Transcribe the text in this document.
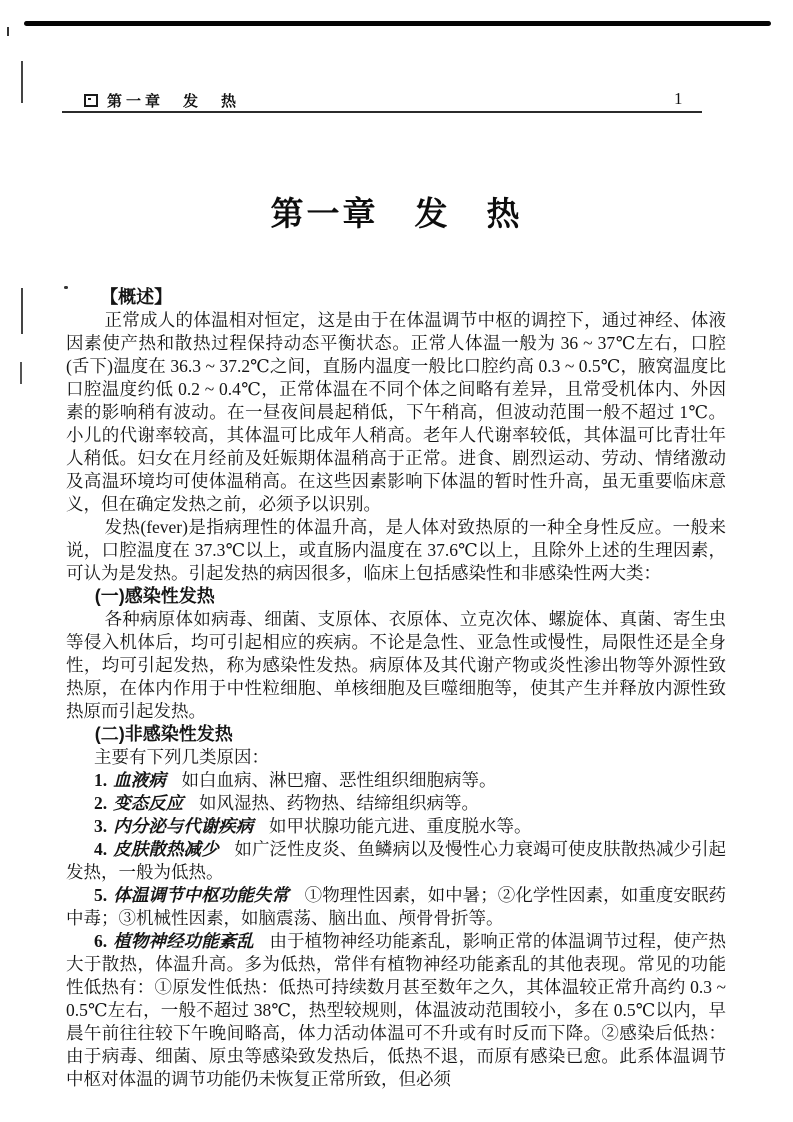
第一章　发　热	1
第一章　发　热

【概述】

正常成人的体温相对恒定，这是由于在体温调节中枢的调控下，通过神经、体液因素使产热和散热过程保持动态平衡状态。正常人体温一般为 36 ~ 37℃左右，口腔(舌下)温度在 36.3 ~ 37.2℃之间，直肠内温度一般比口腔约高 0.3 ~ 0.5℃，腋窝温度比口腔温度约低 0.2 ~ 0.4℃，正常体温在不同个体之间略有差异，且常受机体内、外因素的影响稍有波动。在一昼夜间晨起稍低，下午稍高，但波动范围一般不超过 1℃。小儿的代谢率较高，其体温可比成年人稍高。老年人代谢率较低，其体温可比青壮年人稍低。妇女在月经前及妊娠期体温稍高于正常。进食、剧烈运动、劳动、情绪激动及高温环境均可使体温稍高。在这些因素影响下体温的暂时性升高，虽无重要临床意义，但在确定发热之前，必须予以识别。

发热(fever)是指病理性的体温升高，是人体对致热原的一种全身性反应。一般来说，口腔温度在 37.3℃以上，或直肠内温度在 37.6℃以上，且除外上述的生理因素，可认为是发热。引起发热的病因很多，临床上包括感染性和非感染性两大类：

(一)感染性发热

各种病原体如病毒、细菌、支原体、衣原体、立克次体、螺旋体、真菌、寄生虫等侵入机体后，均可引起相应的疾病。不论是急性、亚急性或慢性，局限性还是全身性，均可引起发热，称为感染性发热。病原体及其代谢产物或炎性渗出物等外源性致热原，在体内作用于中性粒细胞、单核细胞及巨噬细胞等，使其产生并释放内源性致热原而引起发热。

(二)非感染性发热

主要有下列几类原因：

1. 血液病 如白血病、淋巴瘤、恶性组织细胞病等。

2. 变态反应 如风湿热、药物热、结缔组织病等。

3. 内分泌与代谢疾病 如甲状腺功能亢进、重度脱水等。

4. 皮肤散热减少 如广泛性皮炎、鱼鳞病以及慢性心力衰竭可使皮肤散热减少引起发热，一般为低热。

5. 体温调节中枢功能失常 ①物理性因素，如中暑；②化学性因素，如重度安眠药中毒；③机械性因素，如脑震荡、脑出血、颅骨骨折等。

6. 植物神经功能紊乱 由于植物神经功能紊乱，影响正常的体温调节过程，使产热大于散热，体温升高。多为低热，常伴有植物神经功能紊乱的其他表现。常见的功能性低热有：①原发性低热：低热可持续数月甚至数年之久，其体温较正常升高约 0.3 ~ 0.5℃左右，一般不超过 38℃，热型较规则，体温波动范围较小，多在 0.5℃以内，早晨午前往往较下午晚间略高，体力活动体温可不升或有时反而下降。②感染后低热：由于病毒、细菌、原虫等感染致发热后，低热不退，而原有感染已愈。此系体温调节中枢对体温的调节功能仍未恢复正常所致，但必须
